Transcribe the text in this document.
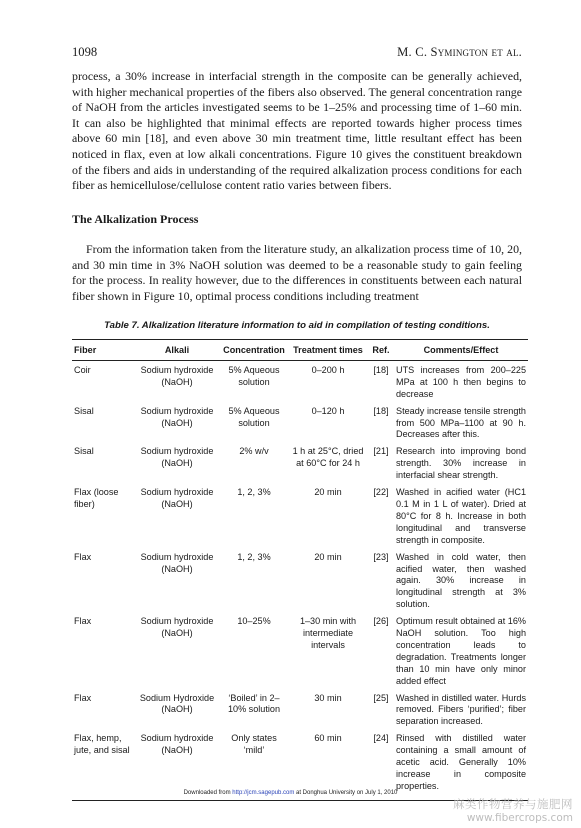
1098	M. C. Symington et al.

process, a 30% increase in interfacial strength in the composite can be generally achieved, with higher mechanical properties of the fibers also observed. The general concentration range of NaOH from the articles investigated seems to be 1–25% and processing time of 1–60 min. It can also be highlighted that minimal effects are reported towards higher process times above 60 min [18], and even above 30 min treatment time, little resultant effect has been noticed in flax, even at low alkali concentrations. Figure 10 gives the constituent breakdown of the fibers and aids in understanding of the required alkalization process conditions for each fiber as hemicellulose/cellulose content ratio varies between fibers.

The Alkalization Process

From the information taken from the literature study, an alkalization process time of 10, 20, and 30 min time in 3% NaOH solution was deemed to be a reasonable study to gain feeling for the process. In reality however, due to the differences in constituents between each natural fiber shown in Figure 10, optimal process conditions including treatment

Table 7. Alkalization literature information to aid in compilation of testing conditions.
Fiber	Alkali	Concentration	Treatment times	Ref.	Comments/Effect
Coir	Sodium hydroxide (NaOH)	5% Aqueous solution	0–200 h	[18]	UTS increases from 200–225 MPa at 100 h then begins to decrease
Sisal	Sodium hydroxide (NaOH)	5% Aqueous solution	0–120 h	[18]	Steady increase tensile strength from 500 MPa–1100 at 90 h. Decreases after this.
Sisal	Sodium hydroxide (NaOH)	2% w/v	1 h at 25°C, dried at 60°C for 24 h	[21]	Research into improving bond strength. 30% increase in interfacial shear strength.
Flax (loose fiber)	Sodium hydroxide (NaOH)	1, 2, 3%	20 min	[22]	Washed in acified water (HC1 0.1 M in 1 L of water). Dried at 80°C for 8 h. Increase in both longitudinal and transverse strength in composite.
Flax	Sodium hydroxide (NaOH)	1, 2, 3%	20 min	[23]	Washed in cold water, then acified water, then washed again. 30% increase in longitudinal strength at 3% solution.
Flax	Sodium hydroxide (NaOH)	10–25%	1–30 min with intermediate intervals	[26]	Optimum result obtained at 16% NaOH solution. Too high concentration leads to degradation. Treatments longer than 10 min have only minor added effect
Flax	Sodium Hydroxide (NaOH)	‘Boiled’ in 2–10% solution	30 min	[25]	Washed in distilled water. Hurds removed. Fibers ‘purified’; fiber separation increased.
Flax, hemp, jute, and sisal	Sodium hydroxide (NaOH)	Only states ‘mild’	60 min	[24]	Rinsed with distilled water containing a small amount of acetic acid. Generally 10% increase in composite properties.
Downloaded from http://jcm.sagepub.com at Donghua University on July 1, 2010
麻类作物营养与施肥网
www.fibercrops.com
